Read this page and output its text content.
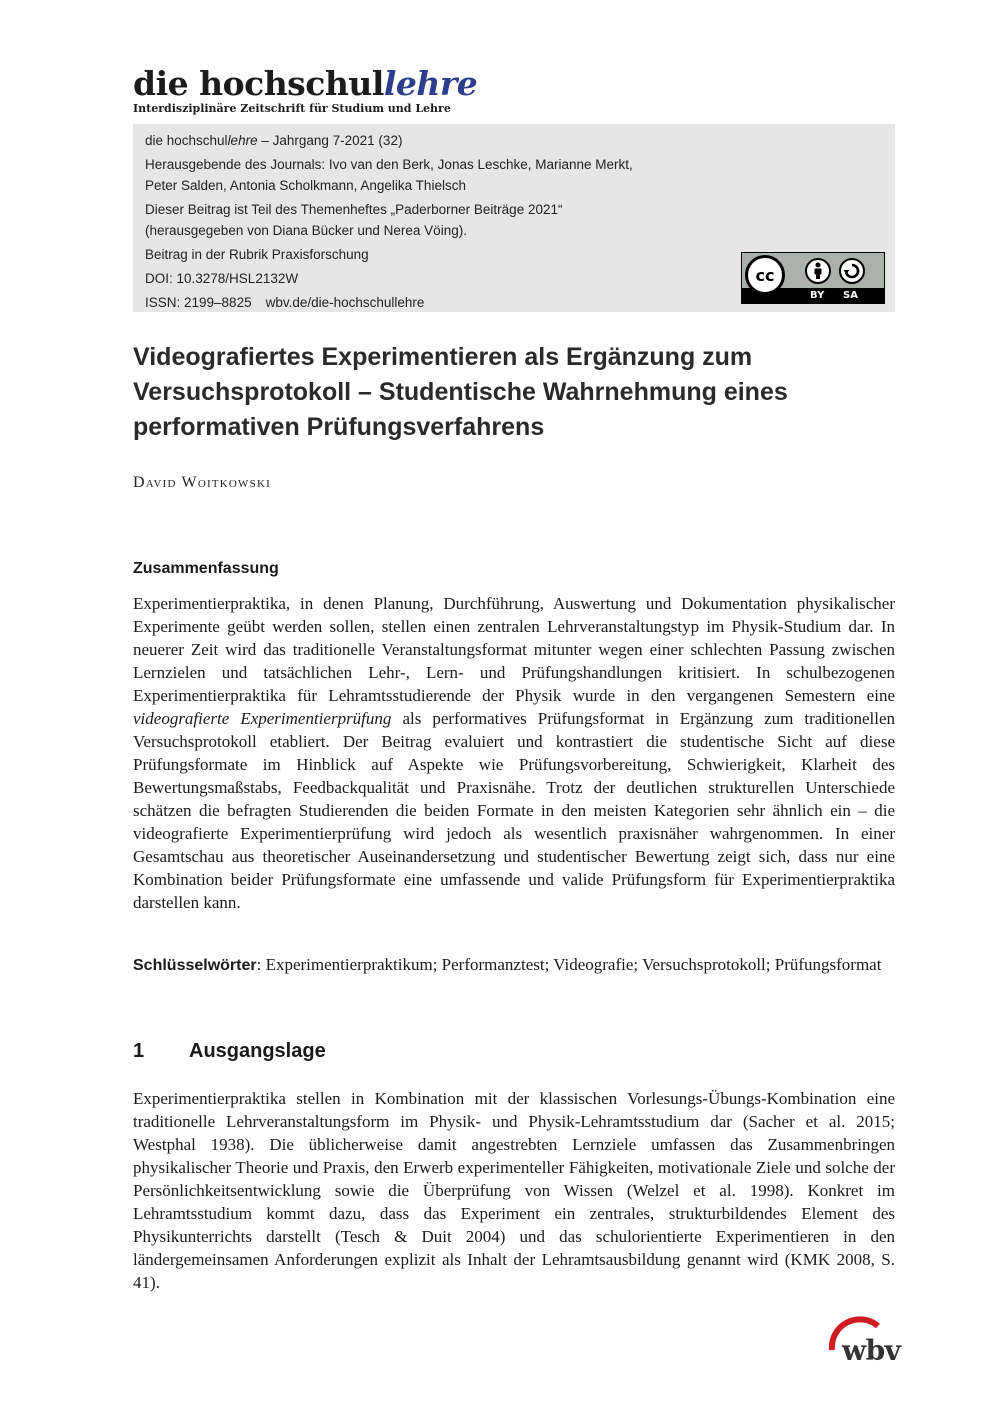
die hochschullehre
Interdisziplinäre Zeitschrift für Studium und Lehre
die hochschullehre – Jahrgang 7-2021 (32)
Herausgebende des Journals: Ivo van den Berk, Jonas Leschke, Marianne Merkt,
Peter Salden, Antonia Scholkmann, Angelika Thielsch
Dieser Beitrag ist Teil des Themenheftes „Paderborner Beiträge 2021“
(herausgegeben von Diana Bücker und Nerea Vöing).
Beitrag in der Rubrik Praxisforschung
DOI: 10.3278/HSL2132W
ISSN: 2199–8825 wbv.de/die-hochschullehre
cc
BY SA
Videografiertes Experimentieren als Ergänzung zum Versuchsprotokoll – Studentische Wahrnehmung eines performativen Prüfungsverfahrens
David Woitkowski
Zusammenfassung

Experimentierpraktika, in denen Planung, Durchführung, Auswertung und Dokumentation physikalischer Experimente geübt werden sollen, stellen einen zentralen Lehrveranstaltungstyp im Physik-Studium dar. In neuerer Zeit wird das traditionelle Veranstaltungsformat mitunter wegen einer schlechten Passung zwischen Lernzielen und tatsächlichen Lehr-, Lern- und Prüfungshandlungen kritisiert. In schulbezogenen Experimentierpraktika für Lehramtsstudierende der Physik wurde in den vergangenen Semestern eine videografierte Experimentierprüfung als performatives Prüfungsformat in Ergänzung zum traditionellen Versuchsprotokoll etabliert. Der Beitrag evaluiert und kontrastiert die studentische Sicht auf diese Prüfungsformate im Hinblick auf Aspekte wie Prüfungsvorbereitung, Schwierigkeit, Klarheit des Bewertungsmaßstabs, Feedbackqualität und Praxisnähe. Trotz der deutlichen strukturellen Unterschiede schätzen die befragten Studierenden die beiden Formate in den meisten Kategorien sehr ähnlich ein – die videografierte Experimentierprüfung wird jedoch als wesentlich praxisnäher wahrgenommen. In einer Gesamtschau aus theoretischer Auseinandersetzung und studentischer Bewertung zeigt sich, dass nur eine Kombination beider Prüfungsformate eine umfassende und valide Prüfungsform für Experimentierpraktika darstellen kann.

Schlüsselwörter: Experimentierpraktikum; Performanztest; Videografie; Versuchsprotokoll; Prüfungsformat
1 Ausgangslage

Experimentierpraktika stellen in Kombination mit der klassischen Vorlesungs-Übungs-Kombination eine traditionelle Lehrveranstaltungsform im Physik- und Physik-Lehramtsstudium dar (Sacher et al. 2015; Westphal 1938). Die üblicherweise damit angestrebten Lernziele umfassen das Zusammenbringen physikalischer Theorie und Praxis, den Erwerb experimenteller Fähigkeiten, motivationale Ziele und solche der Persönlichkeitsentwicklung sowie die Überprüfung von Wissen (Welzel et al. 1998). Konkret im Lehramtsstudium kommt dazu, dass das Experiment ein zentrales, strukturbildendes Element des Physikunterrichts darstellt (Tesch & Duit 2004) und das schulorientierte Experimentieren in den ländergemeinsamen Anforderungen explizit als Inhalt der Lehramtsausbildung genannt wird (KMK 2008, S. 41).

wbv
